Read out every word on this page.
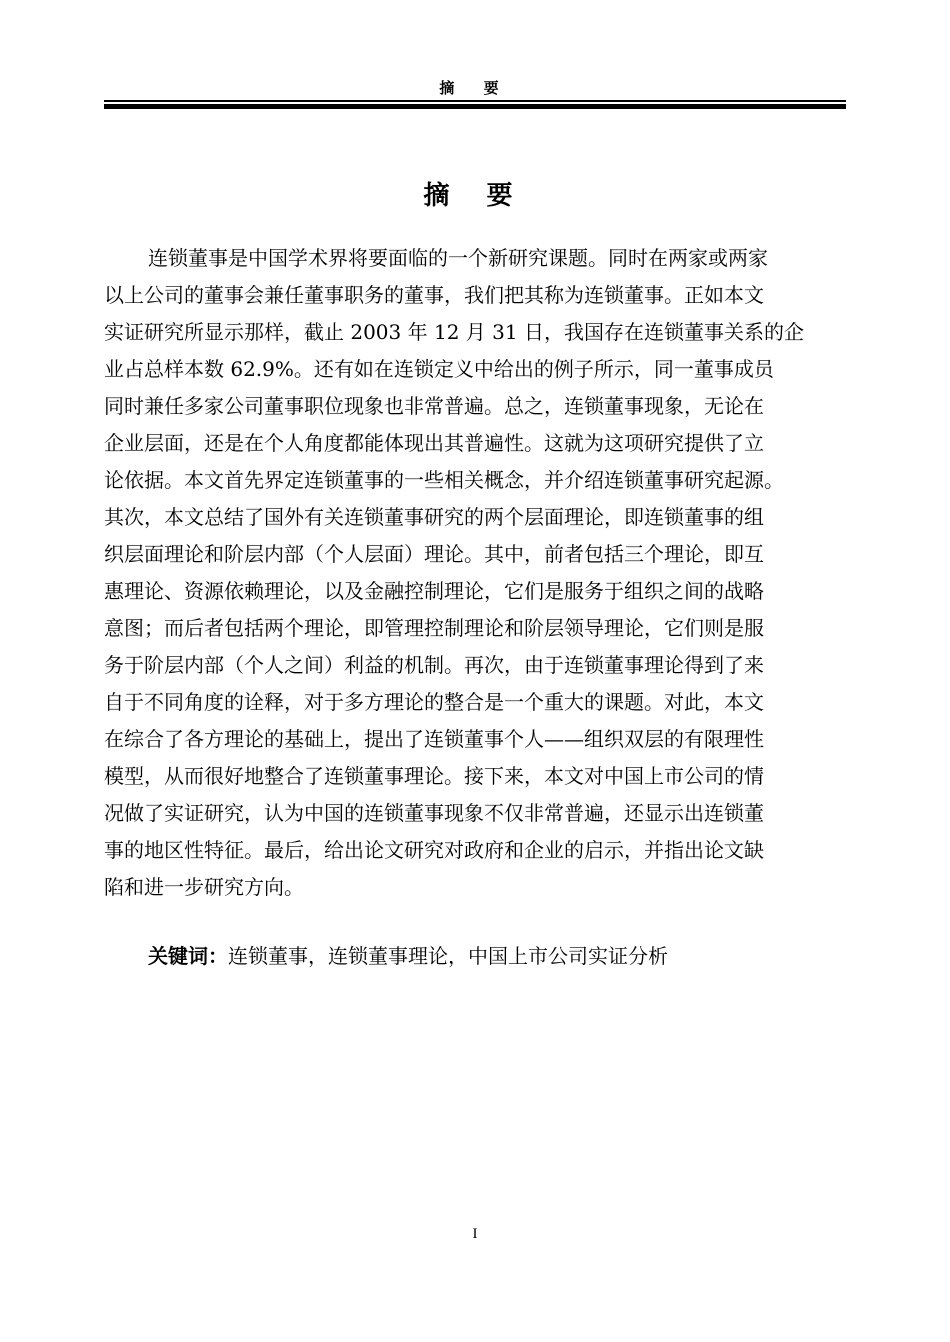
摘 要
摘 要

连锁董事是中国学术界将要面临的一个新研究课题。同时在两家或两家

以上公司的董事会兼任董事职务的董事，我们把其称为连锁董事。正如本文

实证研究所显示那样，截止 2003 年 12 月 31 日，我国存在连锁董事关系的企

业占总样本数 62.9%。还有如在连锁定义中给出的例子所示，同一董事成员

同时兼任多家公司董事职位现象也非常普遍。总之，连锁董事现象，无论在

企业层面，还是在个人角度都能体现出其普遍性。这就为这项研究提供了立

论依据。本文首先界定连锁董事的一些相关概念，并介绍连锁董事研究起源。

其次，本文总结了国外有关连锁董事研究的两个层面理论，即连锁董事的组

织层面理论和阶层内部（个人层面）理论。其中，前者包括三个理论，即互

惠理论、资源依赖理论，以及金融控制理论，它们是服务于组织之间的战略

意图；而后者包括两个理论，即管理控制理论和阶层领导理论，它们则是服

务于阶层内部（个人之间）利益的机制。再次，由于连锁董事理论得到了来

自于不同角度的诠释，对于多方理论的整合是一个重大的课题。对此，本文

在综合了各方理论的基础上，提出了连锁董事个人——组织双层的有限理性

模型，从而很好地整合了连锁董事理论。接下来，本文对中国上市公司的情

况做了实证研究，认为中国的连锁董事现象不仅非常普遍，还显示出连锁董

事的地区性特征。最后，给出论文研究对政府和企业的启示，并指出论文缺

陷和进一步研究方向。

关键词：连锁董事，连锁董事理论，中国上市公司实证分析
I
